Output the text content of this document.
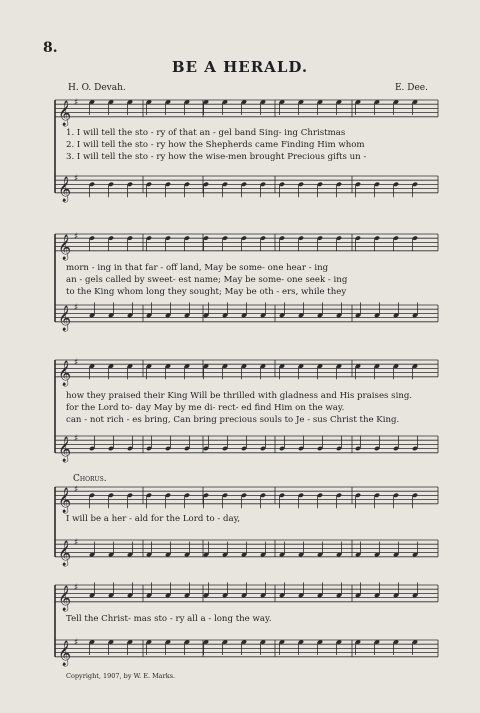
8.
BE A HERALD.
H. O. Devah.	E. Dee.
𝄞 ♯
𝄞 ♯
𝄞 ♯
𝄞 ♯
𝄞 ♯
𝄞 ♯
𝄞 ♯
𝄞 ♯
𝄞 ♯
𝄞 ♯
1. I will tell the sto - ry of that an - gel band Sing- ing Christmas
2. I will tell the sto - ry how the Shepherds came Finding Him whom
3. I will tell the sto - ry how the wise-men brought Precious gifts un -
morn - ing in that far - off land, May be some- one hear - ing
an - gels called by sweet- est name; May be some- one seek - ing
to the King whom long they sought; May be oth - ers, while they
how they praised their King Will be thrilled with gladness and His praises sing.
for the Lord to- day May by me di- rect- ed find Him on the way.
can - not rich - es bring, Can bring precious souls to Je - sus Christ the King.
Chorus.
I will be a her - ald for the Lord to - day,
Tell the Christ- mas sto - ry all a - long the way.
Copyright, 1907, by W. E. Marks.
